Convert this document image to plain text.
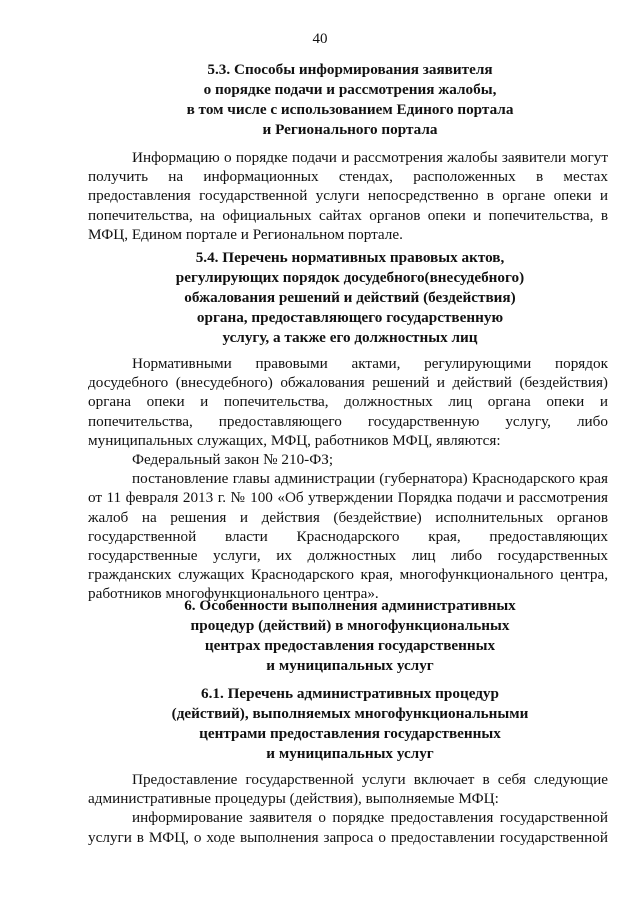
40
5.3. Способы информирования заявителя
о порядке подачи и рассмотрения жалобы,
в том числе с использованием Единого портала
и Регионального портала

Информацию о порядке подачи и рассмотрения жалобы заявители могут получить на информационных стендах, расположенных в местах предоставления государственной услуги непосредственно в органе опеки и попечительства, на официальных сайтах органов опеки и попечительства, в МФЦ, Едином портале и Региональном портале.

5.4. Перечень нормативных правовых актов,
регулирующих порядок досудебного(внесудебного)
обжалования решений и действий (бездействия)
органа, предоставляющего государственную
услугу, а также его должностных лиц

Нормативными правовыми актами, регулирующими порядок досудебного (внесудебного) обжалования решений и действий (бездействия) органа опеки и попечительства, должностных лиц органа опеки и попечительства, предоставляющего государственную услугу, либо муниципальных служащих, МФЦ, работников МФЦ, являются:

Федеральный закон № 210-ФЗ;

постановление главы администрации (губернатора) Краснодарского края от 11 февраля 2013 г. № 100 «Об утверждении Порядка подачи и рассмотрения жалоб на решения и действия (бездействие) исполнительных органов государственной власти Краснодарского края, предоставляющих государственные услуги, их должностных лиц либо государственных гражданских служащих Краснодарского края, многофункционального центра, работников многофункционального центра».

6. Особенности выполнения административных
процедур (действий) в многофункциональных
центрах предоставления государственных
и муниципальных услуг
6.1. Перечень административных процедур
(действий), выполняемых многофункциональными
центрами предоставления государственных
и муниципальных услуг

Предоставление государственной услуги включает в себя следующие административные процедуры (действия), выполняемые МФЦ:

информирование заявителя о порядке предоставления государственной услуги в МФЦ, о ходе выполнения запроса о предоставлении государственной
